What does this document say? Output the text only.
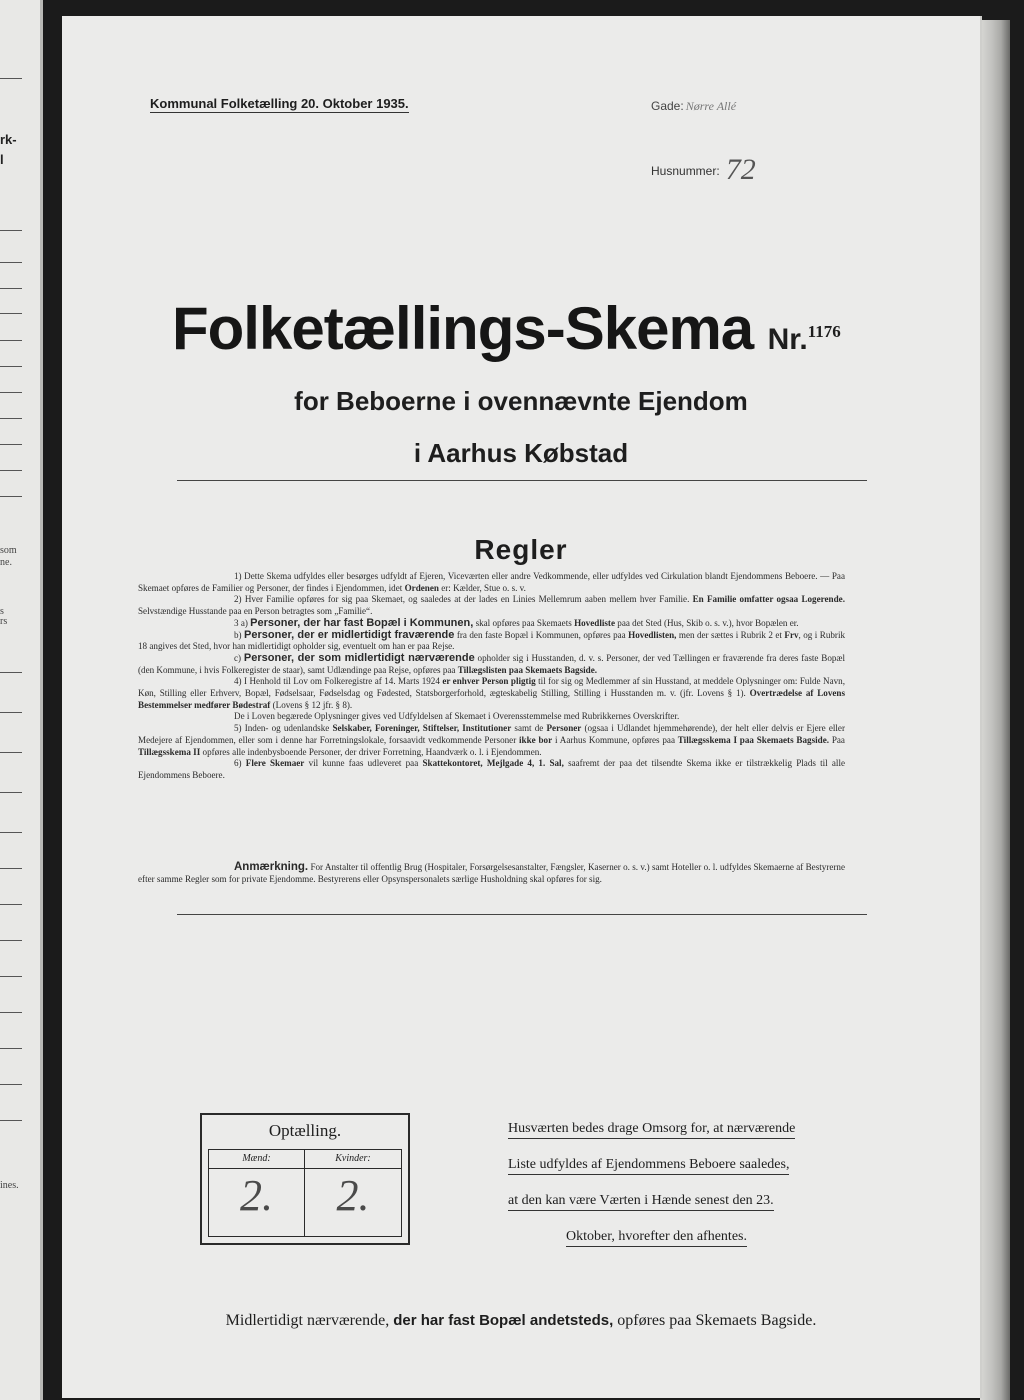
rk-
l
som
ne.
s
rs
ines.
Kommunal Folketælling 20. Oktober 1935.	Gade: Nørre Allé
Husnummer: 72
Folketællings-Skema Nr.1176
for Beboerne i ovennævnte Ejendom
i Aarhus Købstad
Regler

1) Dette Skema udfyldes eller besørges udfyldt af Ejeren, Viceværten eller andre Vedkommende, eller udfyldes ved Cirkulation blandt Ejendommens Beboere. — Paa Skemaet opføres de Familier og Personer, der findes i Ejendommen, idet Ordenen er: Kælder, Stue o. s. v.

2) Hver Familie opføres for sig paa Skemaet, og saaledes at der lades en Linies Mellemrum aaben mellem hver Familie. En Familie omfatter ogsaa Logerende. Selvstændige Husstande paa en Person betragtes som „Familie“.

3 a) Personer, der har fast Bopæl i Kommunen, skal opføres paa Skemaets Hovedliste paa det Sted (Hus, Skib o. s. v.), hvor Bopælen er.

b) Personer, der er midlertidigt fraværende fra den faste Bopæl i Kommunen, opføres paa Hovedlisten, men der sættes i Rubrik 2 et Frv, og i Rubrik 18 angives det Sted, hvor han midlertidigt opholder sig, eventuelt om han er paa Rejse.

c) Personer, der som midlertidigt nærværende opholder sig i Husstanden, d. v. s. Personer, der ved Tællingen er fraværende fra deres faste Bopæl (den Kommune, i hvis Folkeregister de staar), samt Udlændinge paa Rejse, opføres paa Tillægslisten paa Skemaets Bagside.

4) I Henhold til Lov om Folkeregistre af 14. Marts 1924 er enhver Person pligtig til for sig og Medlemmer af sin Husstand, at meddele Oplysninger om: Fulde Navn, Køn, Stilling eller Erhverv, Bopæl, Fødselsaar, Fødselsdag og Fødested, Statsborgerforhold, ægteskabelig Stilling, Stilling i Husstanden m. v. (jfr. Lovens § 1). Overtrædelse af Lovens Bestemmelser medfører Bødestraf (Lovens § 12 jfr. § 8).

De i Loven begærede Oplysninger gives ved Udfyldelsen af Skemaet i Overensstemmelse med Rubrikkernes Overskrifter.

5) Inden- og udenlandske Selskaber, Foreninger, Stiftelser, Institutioner samt de Personer (ogsaa i Udlandet hjemmehørende), der helt eller delvis er Ejere eller Medejere af Ejendommen, eller som i denne har Forretningslokale, forsaavidt vedkommende Personer ikke bor i Aarhus Kommune, opføres paa Tillægsskema I paa Skemaets Bagside. Paa Tillægsskema II opføres alle indenbysboende Personer, der driver Forretning, Haandværk o. l. i Ejendommen.

6) Flere Skemaer vil kunne faas udleveret paa Skattekontoret, Mejlgade 4, 1. Sal, saafremt der paa det tilsendte Skema ikke er tilstrækkelig Plads til alle Ejendommens Beboere.

Anmærkning. For Anstalter til offentlig Brug (Hospitaler, Forsørgelsesanstalter, Fængsler, Kaserner o. s. v.) samt Hoteller o. l. udfyldes Skemaerne af Bestyrerne efter samme Regler som for private Ejendomme. Bestyrerens eller Opsynspersonalets særlige Husholdning skal opføres for sig.
Optælling.
Mænd:
2.
Kvinder:
2.
Husværten bedes drage Omsorg for, at nærværende
Liste udfyldes af Ejendommens Beboere saaledes,
at den kan være Værten i Hænde senest den 23.
Oktober, hvorefter den afhentes.
Midlertidigt nærværende, der har fast Bopæl andetsteds, opføres paa Skemaets Bagside.
